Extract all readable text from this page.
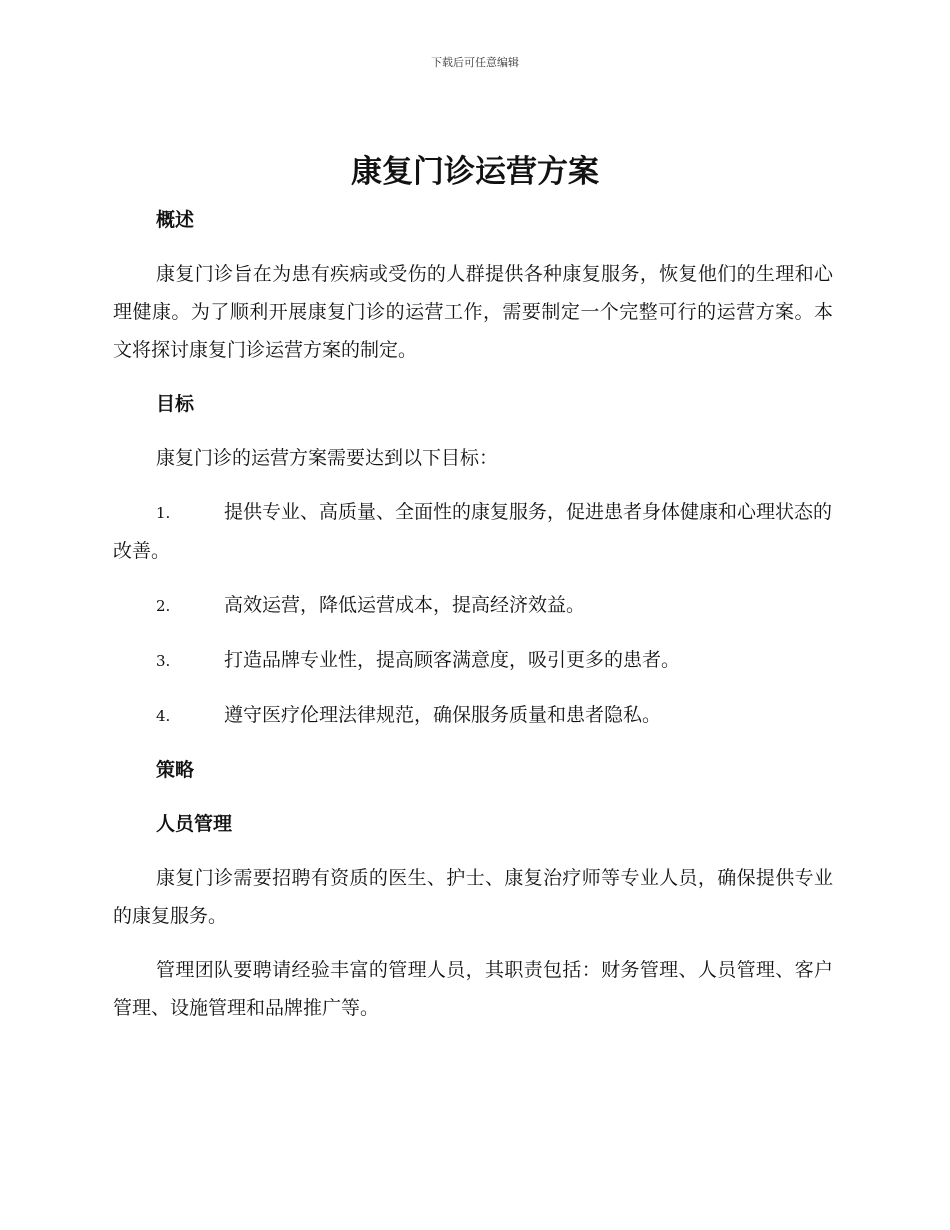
下载后可任意编辑
康复门诊运营方案
概述

康复门诊旨在为患有疾病或受伤的人群提供各种康复服务，恢复他们的生理和心理健康。为了顺利开展康复门诊的运营工作，需要制定一个完整可行的运营方案。本文将探讨康复门诊运营方案的制定。

目标

康复门诊的运营方案需要达到以下目标：

1.	提供专业、高质量、全面性的康复服务，促进患者身体健康和心理状态的改善。
2.	高效运营，降低运营成本，提高经济效益。
3.	打造品牌专业性，提高顾客满意度，吸引更多的患者。
4.	遵守医疗伦理法律规范，确保服务质量和患者隐私。
策略
人员管理

康复门诊需要招聘有资质的医生、护士、康复治疗师等专业人员，确保提供专业的康复服务。

管理团队要聘请经验丰富的管理人员，其职责包括：财务管理、人员管理、客户管理、设施管理和品牌推广等。
